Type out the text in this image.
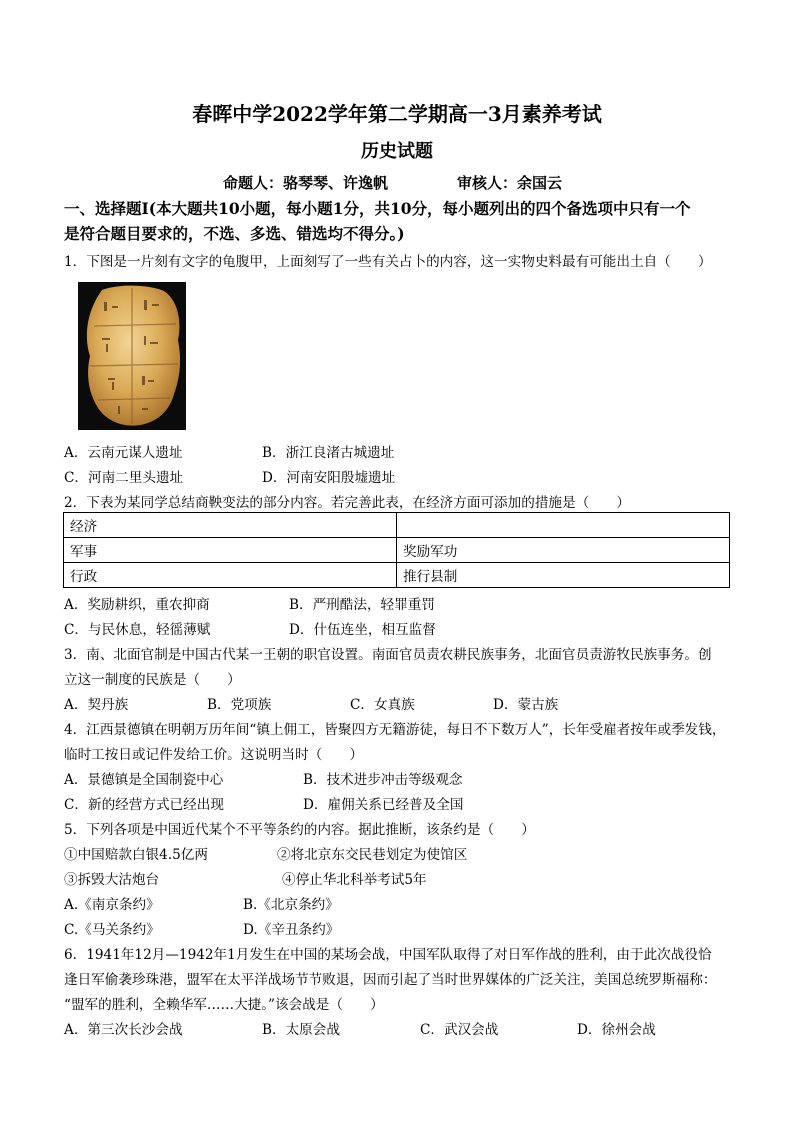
春晖中学2022学年第二学期高一3月素养考试
历史试题
命题人：骆琴琴、许逸帆	审核人：余国云
一、选择题Ⅰ(本大题共10小题，每小题1分，共10分，每小题列出的四个备选项中只有一个
是符合题目要求的，不选、多选、错选均不得分。)
1．下图是一片刻有文字的龟腹甲，上面刻写了一些有关占卜的内容，这一实物史料最有可能出土自（　　）
A．云南元谋人遗址	B．浙江良渚古城遗址
C．河南二里头遗址	D．河南安阳殷墟遗址
2．下表为某同学总结商鞅变法的部分内容。若完善此表，在经济方面可添加的措施是（　　）
经济	
军事	奖励军功
行政	推行县制
A．奖励耕织，重农抑商	B．严刑酷法，轻罪重罚
C．与民休息，轻徭薄赋	D．什伍连坐，相互监督
3．南、北面官制是中国古代某一王朝的职官设置。南面官员责农耕民族事务，北面官员责游牧民族事务。创
立这一制度的民族是（　　）
A．契丹族	B．党项族	C．女真族	D．蒙古族
4．江西景德镇在明朝万历年间“镇上佣工，皆聚四方无籍游徒，每日不下数万人”，长年受雇者按年或季发钱，
临时工按日或记件发给工价。这说明当时（　　）
A．景德镇是全国制瓷中心	B．技术进步冲击等级观念
C．新的经营方式已经出现	D．雇佣关系已经普及全国
5．下列各项是中国近代某个不平等条约的内容。据此推断，该条约是（　　）
①中国赔款白银4.5亿两	②将北京东交民巷划定为使馆区
③拆毁大沽炮台	④停止华北科举考试5年
A.《南京条约》	B.《北京条约》
C.《马关条约》	D.《辛丑条约》
6．1941年12月—1942年1月发生在中国的某场会战，中国军队取得了对日军作战的胜利，由于此次战役恰
逢日军偷袭珍珠港，盟军在太平洋战场节节败退，因而引起了当时世界媒体的广泛关注，美国总统罗斯福称：
“盟军的胜利，全赖华军……大捷。”该会战是（　　）
A．第三次长沙会战	B．太原会战	C．武汉会战	D．徐州会战
